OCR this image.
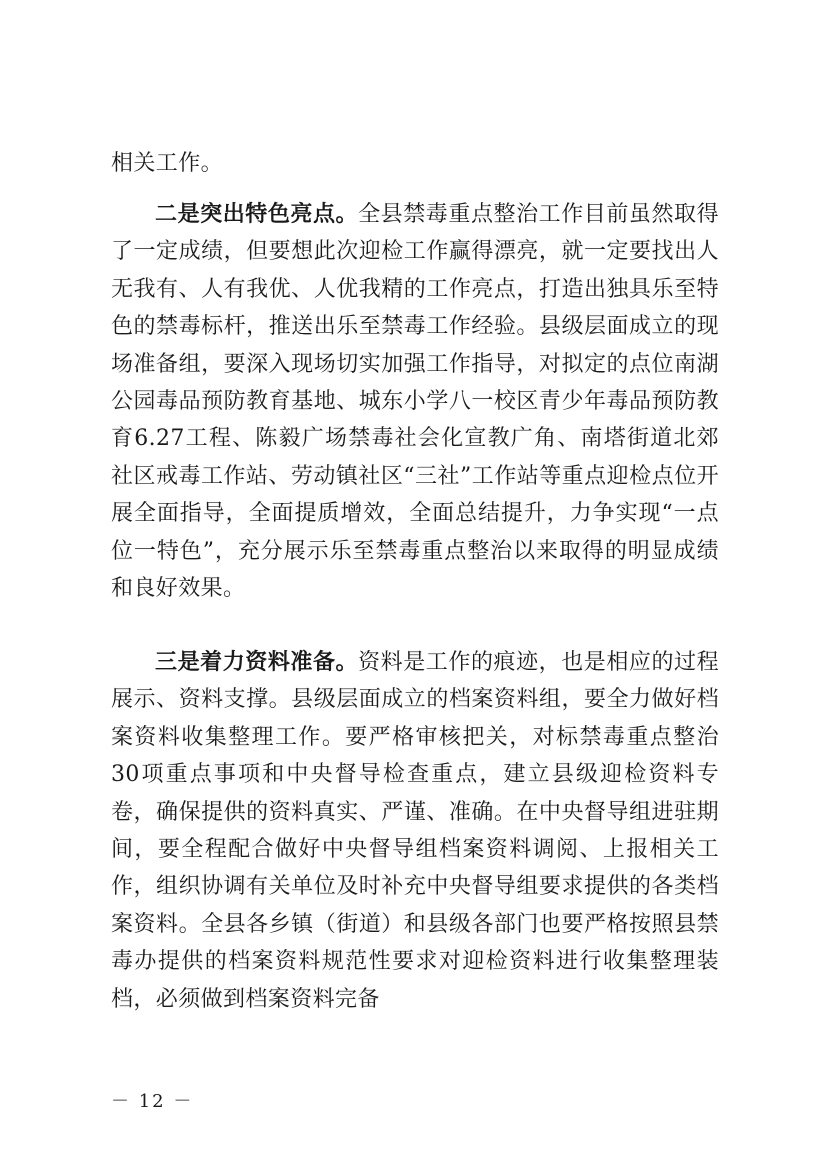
相关工作。

二是突出特色亮点。全县禁毒重点整治工作目前虽然取得了一定成绩，但要想此次迎检工作赢得漂亮，就一定要找出人无我有、人有我优、人优我精的工作亮点，打造出独具乐至特色的禁毒标杆，推送出乐至禁毒工作经验。县级层面成立的现场准备组，要深入现场切实加强工作指导，对拟定的点位南湖公园毒品预防教育基地、城东小学八一校区青少年毒品预防教育6.27工程、陈毅广场禁毒社会化宣教广角、南塔街道北郊社区戒毒工作站、劳动镇社区“三社”工作站等重点迎检点位开展全面指导，全面提质增效，全面总结提升，力争实现“一点位一特色”，充分展示乐至禁毒重点整治以来取得的明显成绩和良好效果。

三是着力资料准备。资料是工作的痕迹，也是相应的过程展示、资料支撑。县级层面成立的档案资料组，要全力做好档案资料收集整理工作。要严格审核把关，对标禁毒重点整治30项重点事项和中央督导检查重点，建立县级迎检资料专卷，确保提供的资料真实、严谨、准确。在中央督导组进驻期间，要全程配合做好中央督导组档案资料调阅、上报相关工作，组织协调有关单位及时补充中央督导组要求提供的各类档案资料。全县各乡镇（街道）和县级各部门也要严格按照县禁毒办提供的档案资料规范性要求对迎检资料进行收集整理装档，必须做到档案资料完备

－ 12 －
